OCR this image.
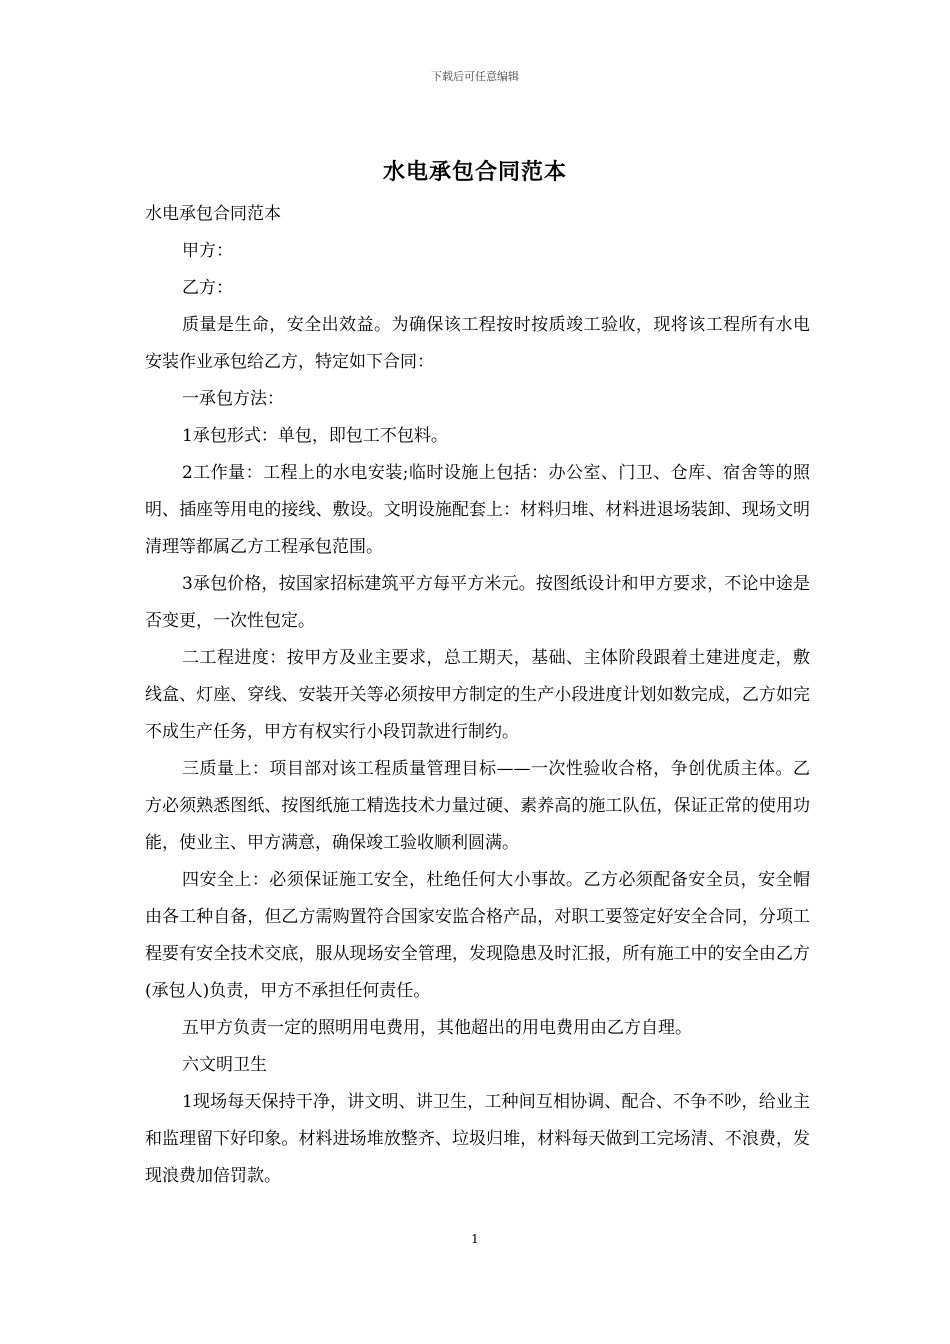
下载后可任意编辑
水电承包合同范本

水电承包合同范本

甲方：

乙方：

质量是生命，安全出效益。为确保该工程按时按质竣工验收，现将该工程所有水电安装作业承包给乙方，特定如下合同：

一承包方法：

1承包形式：单包，即包工不包料。

2工作量：工程上的水电安装;临时设施上包括：办公室、门卫、仓库、宿舍等的照明、插座等用电的接线、敷设。文明设施配套上：材料归堆、材料进退场装卸、现场文明清理等都属乙方工程承包范围。

3承包价格，按国家招标建筑平方每平方米元。按图纸设计和甲方要求，不论中途是否变更，一次性包定。

二工程进度：按甲方及业主要求，总工期天，基础、主体阶段跟着土建进度走，敷线盒、灯座、穿线、安装开关等必须按甲方制定的生产小段进度计划如数完成，乙方如完不成生产任务，甲方有权实行小段罚款进行制约。

三质量上：项目部对该工程质量管理目标——一次性验收合格，争创优质主体。乙方必须熟悉图纸、按图纸施工精选技术力量过硬、素养高的施工队伍，保证正常的使用功能，使业主、甲方满意，确保竣工验收顺利圆满。

四安全上：必须保证施工安全，杜绝任何大小事故。乙方必须配备安全员，安全帽由各工种自备，但乙方需购置符合国家安监合格产品，对职工要签定好安全合同，分项工程要有安全技术交底，服从现场安全管理，发现隐患及时汇报，所有施工中的安全由乙方(承包人)负责，甲方不承担任何责任。

五甲方负责一定的照明用电费用，其他超出的用电费用由乙方自理。

六文明卫生

1现场每天保持干净，讲文明、讲卫生，工种间互相协调、配合、不争不吵，给业主和监理留下好印象。材料进场堆放整齐、垃圾归堆，材料每天做到工完场清、不浪费，发现浪费加倍罚款。

1
